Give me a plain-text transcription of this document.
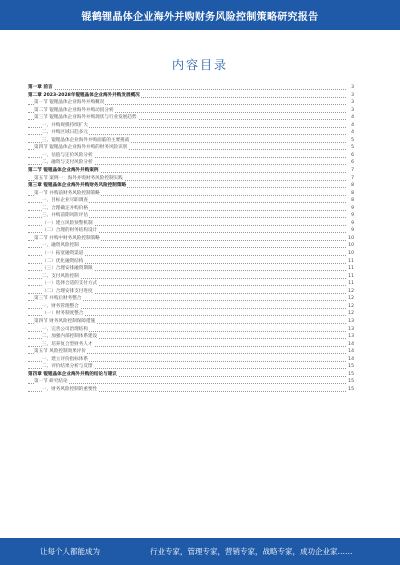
锟鹤锂晶体企业海外并购财务风险控制策略研究报告
内容目录
第一章 前言	3
第二章 2023-2028年锟锂晶体企业海外并购发展概况	3
第一节 锟锂晶体企业海外并购概况	3
第二节 锟锂晶体企业海外并购动因分析	3
第三节 锟锂晶体企业海外并购现状与行业发展趋势	4
一、并购规模持续扩大	4
二、并购区域日趋多元	4
三、锟锂晶体企业海外并购面临的主要挑战	5
第四节 锟锂晶体企业海外并购的财务风险识别	5
一、估值与定价风险分析	6
二、融资与支付风险分析	6
第二节 锟锂晶体企业海外并购案例	7
第五节 案例一：海外并购财务风险控制实践	7
第三章 锟锂晶体企业海外并购财务风险控制策略	8
第一节 并购前财务风险控制策略	8
一、目标企业尽职调查	8
二、合理确定并购价格	9
三、并购前期风险评估	9
（一）建立风险预警机制	9
（二）合理的财务结构设计	9
第二节 并购中财务风险控制策略	10
一、融资风险控制	10
（一）拓宽融资渠道	10
（二）优化融资结构	11
（三）合理安排融资期限	11
二、支付风险控制	11
（一）选择合适的支付方式	11
（二）合理安排支付进度	12
第三节 并购后财务整合	12
一、财务管理整合	12
（一）财务制度整合	12
第四节 财务风险控制保障措施	13
一、完善公司治理结构	13
二、加强内部控制体系建设	13
三、培养复合型财务人才	14
第五节 风险控制效果评价	14
一、建立评价指标体系	14
二、评价结果分析与反馈	15
第四章 锟锂晶体企业海外并购的结论与建议	15
第一节 研究结论	15
一、财务风险控制的重要性	15
让每个人都能成为	行业专家，管理专家，营销专家，战略专家，成功企业家……
